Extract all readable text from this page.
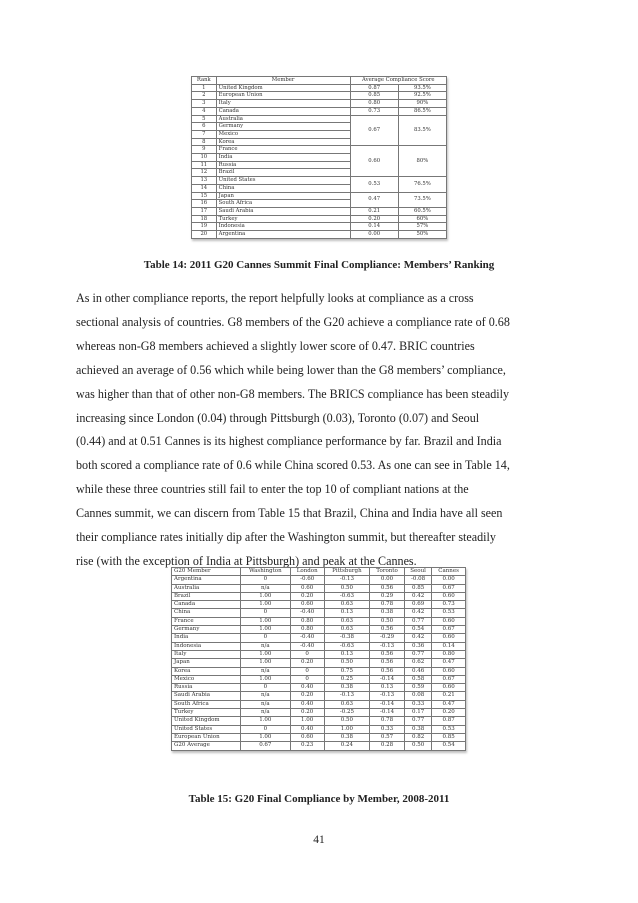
Rank	Member	Average Compliance Score	
1	United Kingdom	0.87	93.5%
2	European Union	0.85	92.5%
3	Italy	0.80	90%
4	Canada	0.73	86.5%
5	Australia	0.67	83.5%
6	Germany		
7	Mexico		
8	Korea		
9	France	0.60	80%
10	India		
11	Russia		
12	Brazil		
13	United States	0.53	76.5%
14	China		
15	Japan	0.47	73.5%
16	South Africa		
17	Saudi Arabia	0.21	60.5%
18	Turkey	0.20	60%
19	Indonesia	0.14	57%
20	Argentina	0.00	50%
Table 14: 2011 G20 Cannes Summit Final Compliance: Members’ Ranking
As in other compliance reports, the report helpfully looks at compliance as a cross
sectional analysis of countries. G8 members of the G20 achieve a compliance rate of 0.68
whereas non-G8 members achieved a slightly lower score of 0.47. BRIC countries
achieved an average of 0.56 which while being lower than the G8 members’ compliance,
was higher than that of other non-G8 members. The BRICS compliance has been steadily
increasing since London (0.04) through Pittsburgh (0.03), Toronto (0.07) and Seoul
(0.44) and at 0.51 Cannes is its highest compliance performance by far. Brazil and India
both scored a compliance rate of 0.6 while China scored 0.53. As one can see in Table 14,
while these three countries still fail to enter the top 10 of compliant nations at the
Cannes summit, we can discern from Table 15 that Brazil, China and India have all seen
their compliance rates initially dip after the Washington summit, but thereafter steadily
rise (with the exception of India at Pittsburgh) and peak at the Cannes.
G20 Member	Washington	London	Pittsburgh	Toronto	Seoul	Cannes
Argentina	0	-0.60	-0.13	0.00	-0.08	0.00
Australia	n/a	0.60	0.50	0.56	0.85	0.67
Brazil	1.00	0.20	-0.63	0.29	0.42	0.60
Canada	1.00	0.60	0.63	0.78	0.69	0.73
China	0	-0.40	0.13	0.38	0.42	0.53
France	1.00	0.80	0.63	0.50	0.77	0.60
Germany	1.00	0.80	0.63	0.56	0.54	0.67
India	0	-0.40	-0.38	-0.29	0.42	0.60
Indonesia	n/a	-0.40	-0.63	-0.13	0.36	0.14
Italy	1.00	0	0.13	0.56	0.77	0.80
Japan	1.00	0.20	0.50	0.56	0.62	0.47
Korea	n/a	0	0.75	0.56	0.46	0.60
Mexico	1.00	0	0.25	-0.14	0.58	0.67
Russia	0	0.40	0.38	0.13	0.59	0.60
Saudi Arabia	n/a	0.20	-0.13	-0.13	0.08	0.21
South Africa	n/a	0.40	0.63	-0.14	0.33	0.47
Turkey	n/a	0.20	-0.25	-0.14	0.17	0.20
United Kingdom	1.00	1.00	0.50	0.78	0.77	0.87
United States	0	0.40	1.00	0.33	0.38	0.53
European Union	1.00	0.60	0.38	0.57	0.82	0.85
G20 Average	0.67	0.23	0.24	0.28	0.50	0.54
Table 15: G20 Final Compliance by Member, 2008-2011
41
